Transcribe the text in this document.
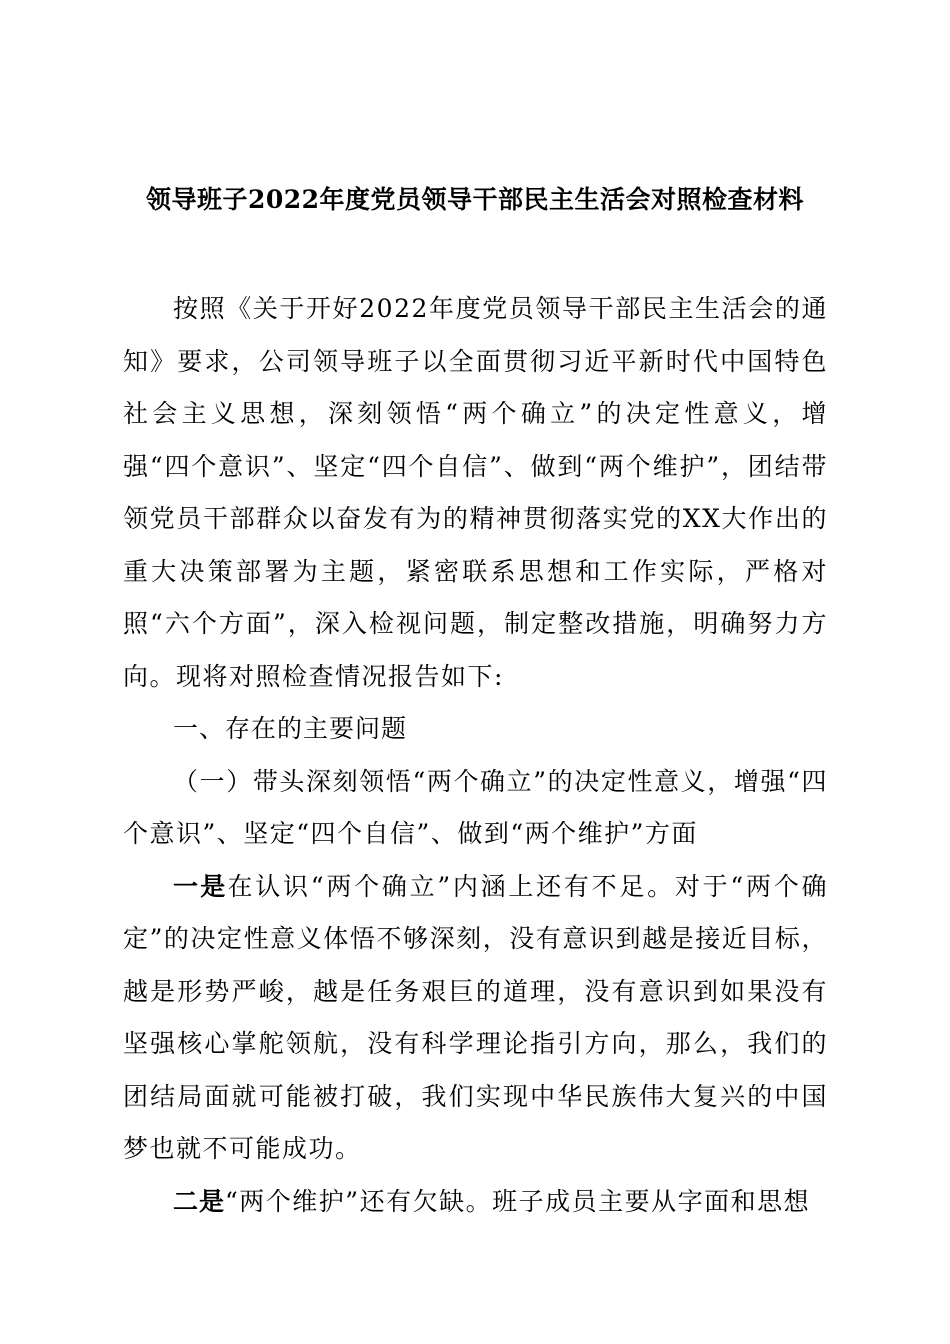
领导班子2022年度党员领导干部民主生活会对照检查材料

按照《关于开好2022年度党员领导干部民主生活会的通知》要求，公司领导班子以全面贯彻习近平新时代中国特色社会主义思想，深刻领悟“两个确立”的决定性意义，增强“四个意识”、坚定“四个自信”、做到“两个维护”，团结带领党员干部群众以奋发有为的精神贯彻落实党的XX大作出的重大决策部署为主题，紧密联系思想和工作实际，严格对照“六个方面”，深入检视问题，制定整改措施，明确努力方向。现将对照检查情况报告如下:

一、存在的主要问题

（一）带头深刻领悟“两个确立”的决定性意义，增强“四个意识”、坚定“四个自信”、做到“两个维护”方面

一是在认识“两个确立”内涵上还有不足。对于“两个确定”的决定性意义体悟不够深刻，没有意识到越是接近目标，越是形势严峻，越是任务艰巨的道理，没有意识到如果没有坚强核心掌舵领航，没有科学理论指引方向，那么，我们的团结局面就可能被打破，我们实现中华民族伟大复兴的中国梦也就不可能成功。

二是“两个维护”还有欠缺。班子成员主要从字面和思想
